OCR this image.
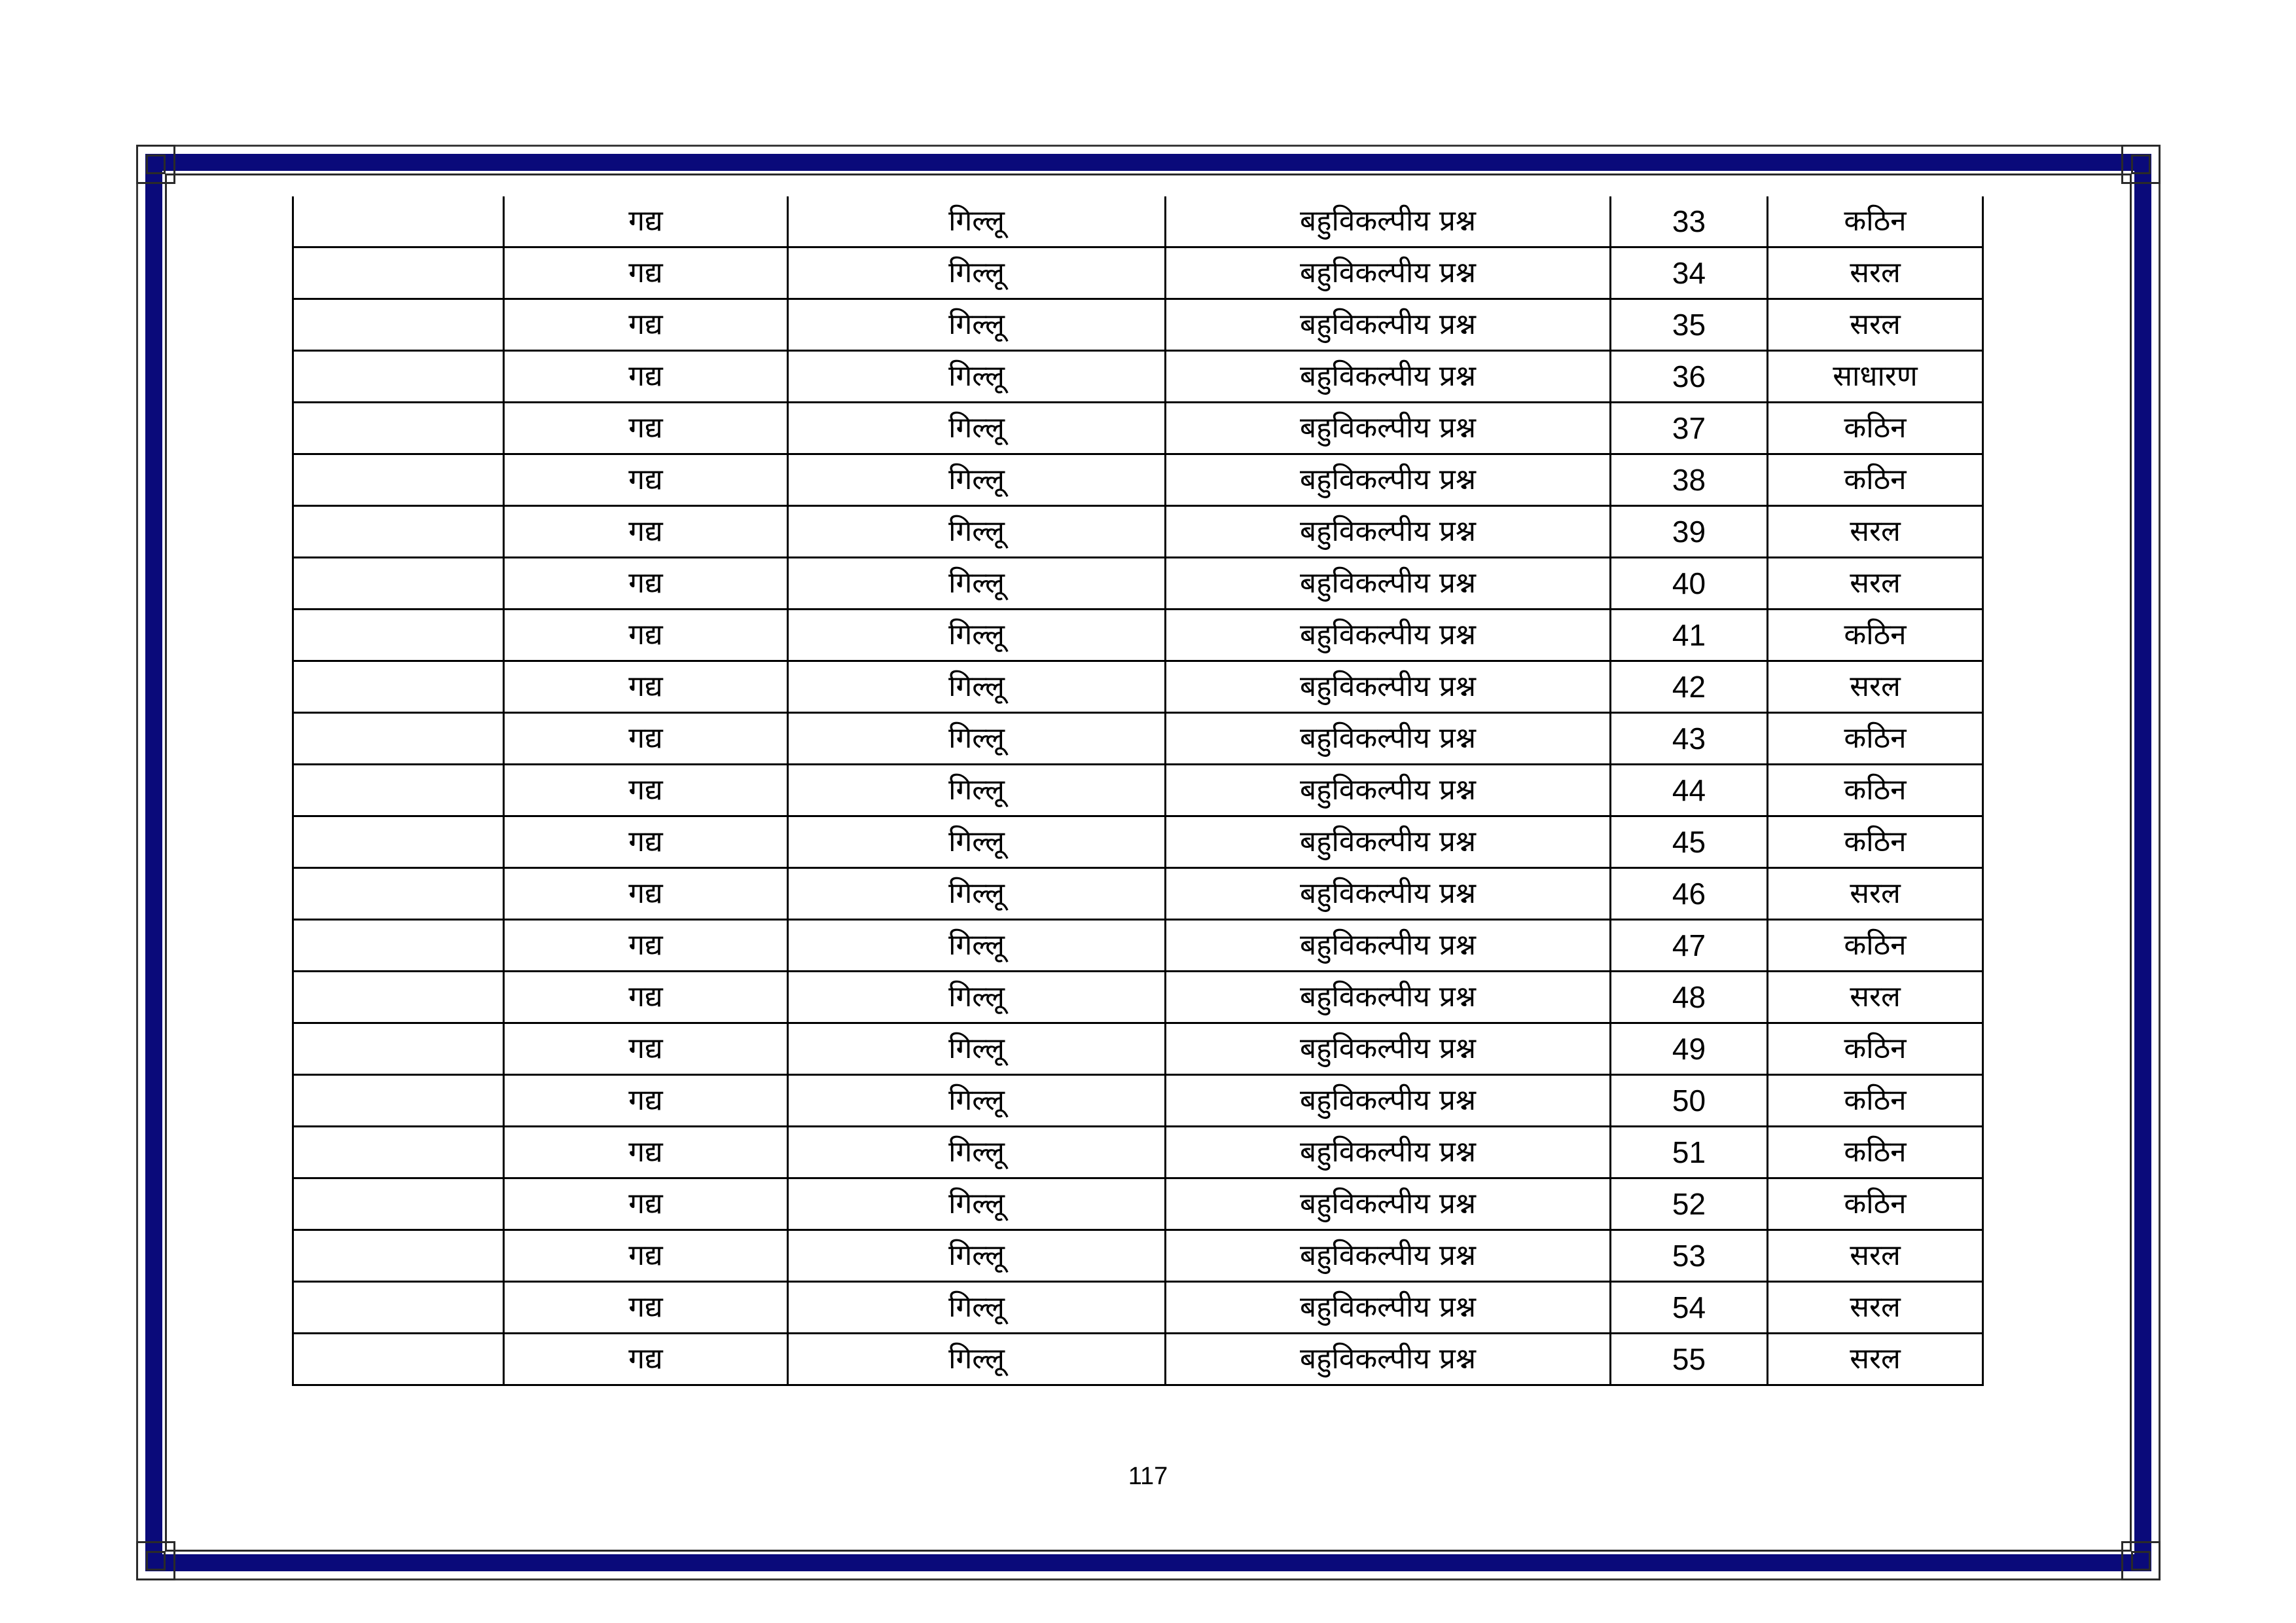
	गद्य	गिल्लू	बहुविकल्पीय प्रश्न	33	कठिन
	गद्य	गिल्लू	बहुविकल्पीय प्रश्न	34	सरल
	गद्य	गिल्लू	बहुविकल्पीय प्रश्न	35	सरल
	गद्य	गिल्लू	बहुविकल्पीय प्रश्न	36	साधारण
	गद्य	गिल्लू	बहुविकल्पीय प्रश्न	37	कठिन
	गद्य	गिल्लू	बहुविकल्पीय प्रश्न	38	कठिन
	गद्य	गिल्लू	बहुविकल्पीय प्रश्न	39	सरल
	गद्य	गिल्लू	बहुविकल्पीय प्रश्न	40	सरल
	गद्य	गिल्लू	बहुविकल्पीय प्रश्न	41	कठिन
	गद्य	गिल्लू	बहुविकल्पीय प्रश्न	42	सरल
	गद्य	गिल्लू	बहुविकल्पीय प्रश्न	43	कठिन
	गद्य	गिल्लू	बहुविकल्पीय प्रश्न	44	कठिन
	गद्य	गिल्लू	बहुविकल्पीय प्रश्न	45	कठिन
	गद्य	गिल्लू	बहुविकल्पीय प्रश्न	46	सरल
	गद्य	गिल्लू	बहुविकल्पीय प्रश्न	47	कठिन
	गद्य	गिल्लू	बहुविकल्पीय प्रश्न	48	सरल
	गद्य	गिल्लू	बहुविकल्पीय प्रश्न	49	कठिन
	गद्य	गिल्लू	बहुविकल्पीय प्रश्न	50	कठिन
	गद्य	गिल्लू	बहुविकल्पीय प्रश्न	51	कठिन
	गद्य	गिल्लू	बहुविकल्पीय प्रश्न	52	कठिन
	गद्य	गिल्लू	बहुविकल्पीय प्रश्न	53	सरल
	गद्य	गिल्लू	बहुविकल्पीय प्रश्न	54	सरल
	गद्य	गिल्लू	बहुविकल्पीय प्रश्न	55	सरल
117
